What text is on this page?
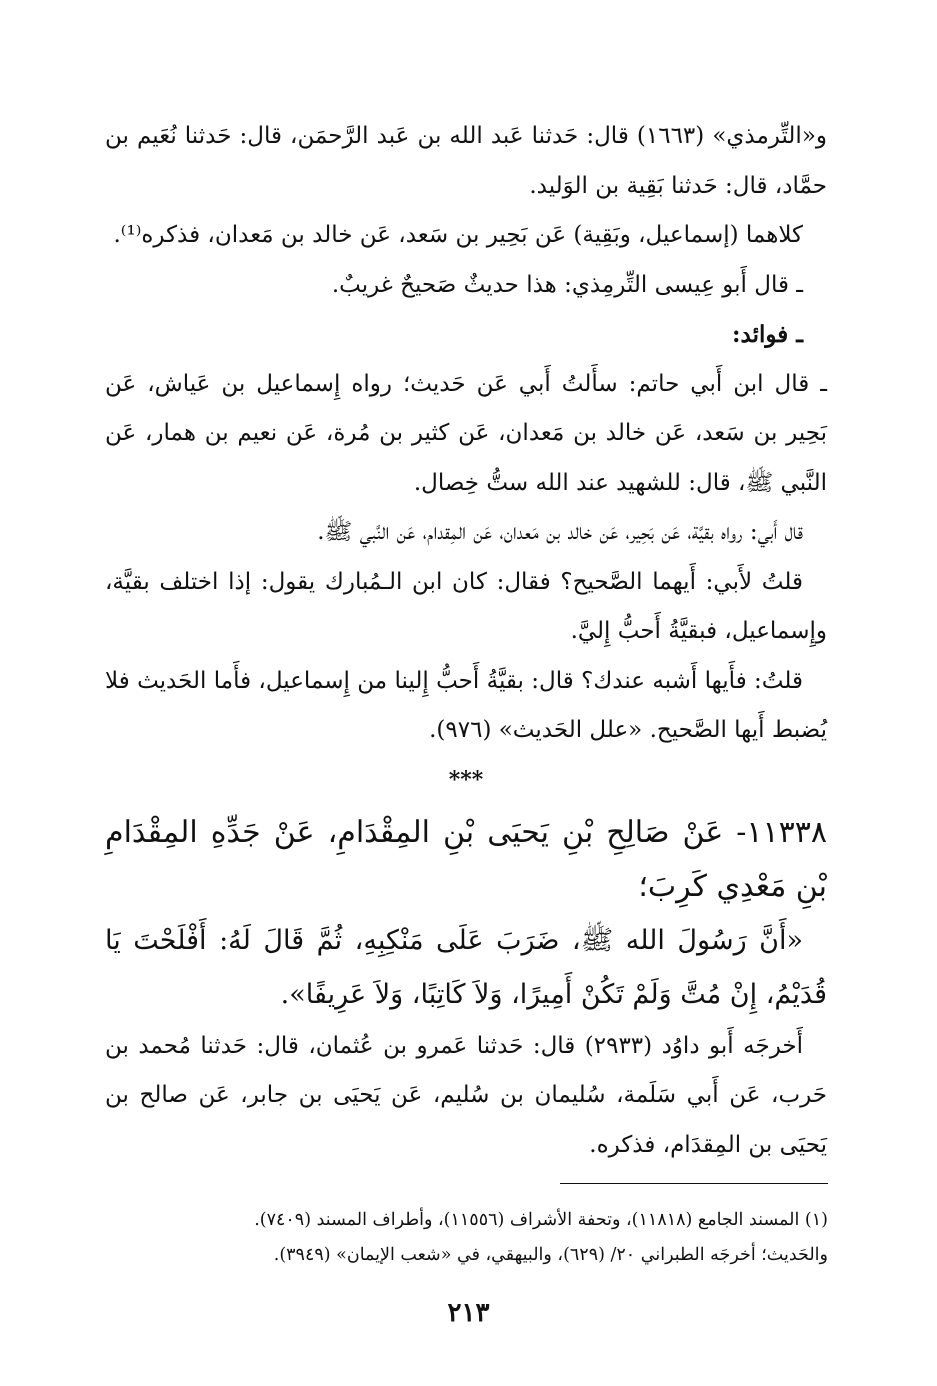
و«التِّرمذي» (١٦٦٣) قال: حَدثنا عَبد الله بن عَبد الرَّحمَن، قال: حَدثنا نُعَيم بن حمَّاد، قال: حَدثنا بَقِية بن الوَليد.

كلاهما (إسماعيل، وبَقِية) عَن بَحِير بن سَعد، عَن خالد بن مَعدان، فذكره⁽¹⁾.

ـ قال أَبو عِيسى التِّرمِذي: هذا حديثٌ صَحيحٌ غريبٌ.

ـ فوائد:

ـ قال ابن أَبي حاتم: سأَلتُ أَبي عَن حَديث؛ رواه إِسماعيل بن عَياش، عَن بَحِير بن سَعد، عَن خالد بن مَعدان، عَن كثير بن مُرة، عَن نعيم بن همار، عَن النَّبي ﷺ، قال: للشهيد عند الله ستُّ خِصال.

قال أَبي: رواه بقيَّة، عَن بَحِير، عَن خالد بن مَعدان، عَن المِقدام، عَن النَّبي ﷺ.

قلتُ لأَبي: أَيهما الصَّحيح؟ فقال: كان ابن الـمُبارك يقول: إذا اختلف بقيَّة، وإِسماعيل، فبقيَّةُ أَحبُّ إِليَّ.

قلتُ: فأَيها أَشبه عندك؟ قال: بقيَّةُ أَحبُّ إِلينا من إِسماعيل، فأَما الحَديث فلا يُضبط أَيها الصَّحيح. «علل الحَديث» (٩٧٦).

***

١١٣٣٨- عَنْ صَالِحِ بْنِ يَحيَى بْنِ المِقْدَامِ، عَنْ جَدِّهِ المِقْدَامِ بْنِ مَعْدِي كَرِبَ؛

«أَنَّ رَسُولَ الله ﷺ، ضَرَبَ عَلَى مَنْكِبِهِ، ثُمَّ قَالَ لَهُ: أَفْلَحْتَ يَا قُدَيْمُ، إِنْ مُتَّ وَلَمْ تَكُنْ أَمِيرًا، وَلاَ كَاتِبًا، وَلاَ عَرِيفًا».

أَخرجَه أَبو داوُد (٢٩٣٣) قال: حَدثنا عَمرو بن عُثمان، قال: حَدثنا مُحمد بن حَرب، عَن أَبي سَلَمة، سُليمان بن سُليم، عَن يَحيَى بن جابر، عَن صالح بن يَحيَى بن المِقدَام، فذكره.

(١) المسند الجامع (١١٨١٨)، وتحفة الأشراف (١١٥٥٦)، وأطراف المسند (٧٤٠٩).
والحَديث؛ أخرجَه الطبراني ٢٠/ (٦٢٩)، والبيهقي، في «شعب الإيمان» (٣٩٤٩).
٢١٣
